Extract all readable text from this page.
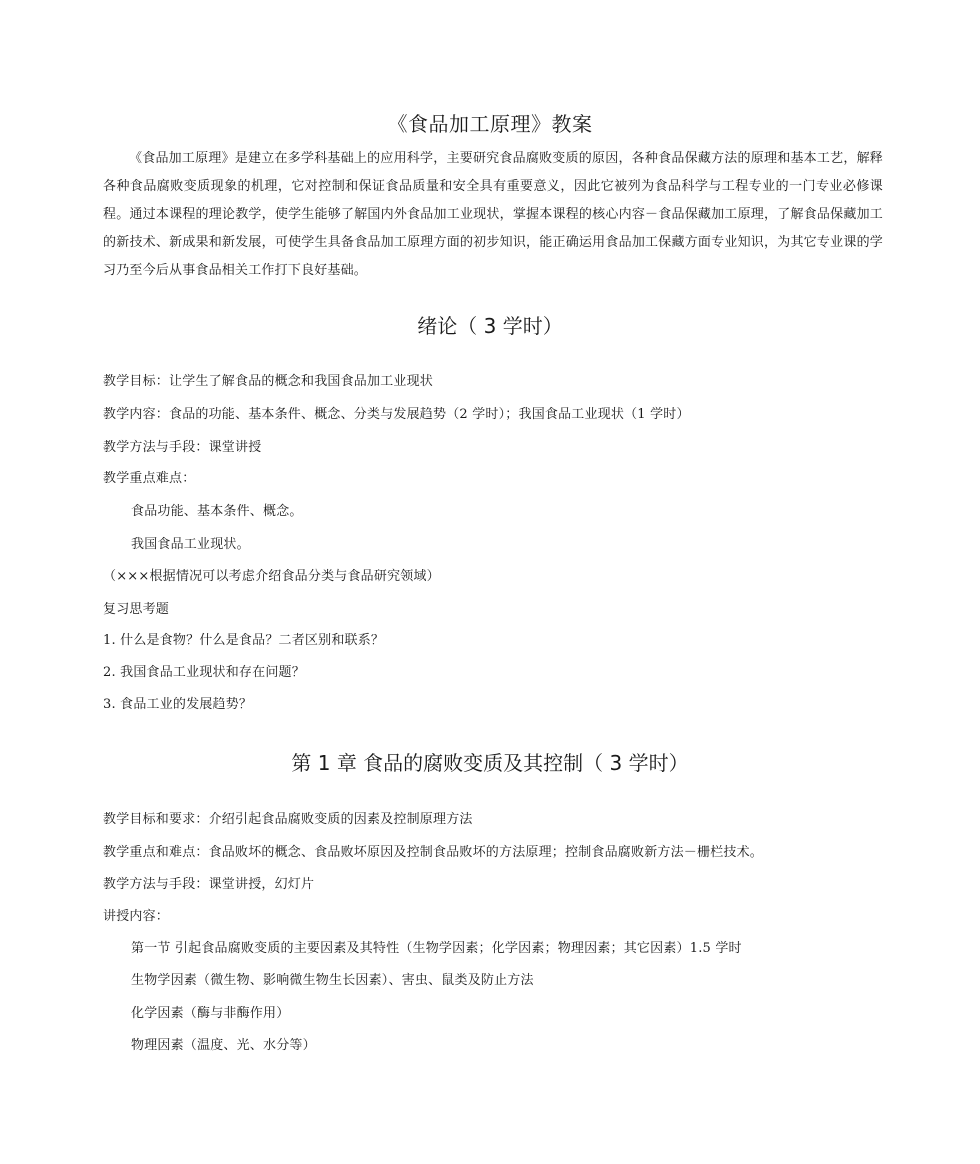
《食品加工原理》教案
《食品加工原理》是建立在多学科基础上的应用科学，主要研究食品腐败变质的原因，各种食品保藏方法的原理和基本工艺，解释各种食品腐败变质现象的机理，它对控制和保证食品质量和安全具有重要意义，因此它被列为食品科学与工程专业的一门专业必修课程。通过本课程的理论教学，使学生能够了解国内外食品加工业现状，掌握本课程的核心内容－食品保藏加工原理，了解食品保藏加工的新技术、新成果和新发展，可使学生具备食品加工原理方面的初步知识，能正确运用食品加工保藏方面专业知识，为其它专业课的学习乃至今后从事食品相关工作打下良好基础。
绪论（ 3 学时）
教学目标：让学生了解食品的概念和我国食品加工业现状
教学内容：食品的功能、基本条件、概念、分类与发展趋势（2 学时）；我国食品工业现状（1 学时）
教学方法与手段：课堂讲授
教学重点难点：
食品功能、基本条件、概念。
我国食品工业现状。
（×××根据情况可以考虑介绍食品分类与食品研究领域）
复习思考题
1. 什么是食物？什么是食品？二者区别和联系？
2. 我国食品工业现状和存在问题？
3. 食品工业的发展趋势？
第 1 章 食品的腐败变质及其控制（ 3 学时）
教学目标和要求：介绍引起食品腐败变质的因素及控制原理方法
教学重点和难点：食品败坏的概念、食品败坏原因及控制食品败坏的方法原理；控制食品腐败新方法－栅栏技术。
教学方法与手段：课堂讲授，幻灯片
讲授内容：
第一节 引起食品腐败变质的主要因素及其特性（生物学因素；化学因素；物理因素；其它因素）1.5 学时
生物学因素（微生物、影响微生物生长因素）、害虫、鼠类及防止方法
化学因素（酶与非酶作用）
物理因素（温度、光、水分等）
